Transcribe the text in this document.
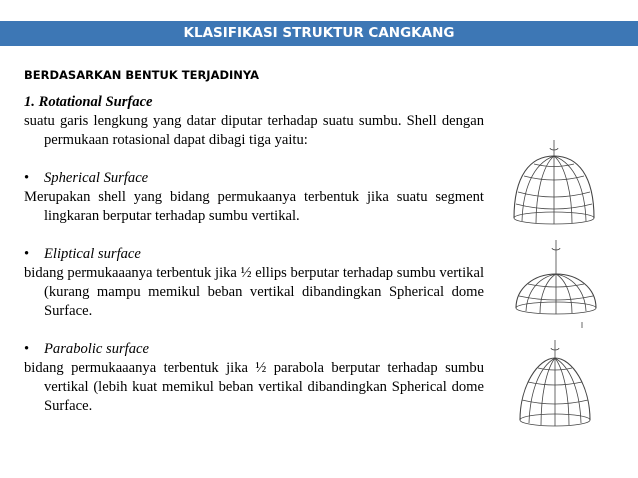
KLASIFIKASI STRUKTUR CANGKANG
BERDASARKAN BENTUK TERJADINYA

1. Rotational Surface

suatu garis lengkung yang datar diputar terhadap suatu sumbu. Shell dengan permukaan rotasional dapat dibagi tiga yaitu:

• Spherical Surface

Merupakan shell yang bidang permukaanya terbentuk jika suatu segment lingkaran berputar terhadap sumbu vertikal.

• Eliptical surface

bidang permukaaanya terbentuk jika ½ ellips berputar terhadap sumbu vertikal (kurang mampu memikul beban vertikal dibandingkan Spherical dome Surface.

• Parabolic surface

bidang permukaaanya terbentuk jika ½ parabola berputar terhadap sumbu vertikal (lebih kuat memikul beban vertikal dibandingkan Spherical dome Surface.
